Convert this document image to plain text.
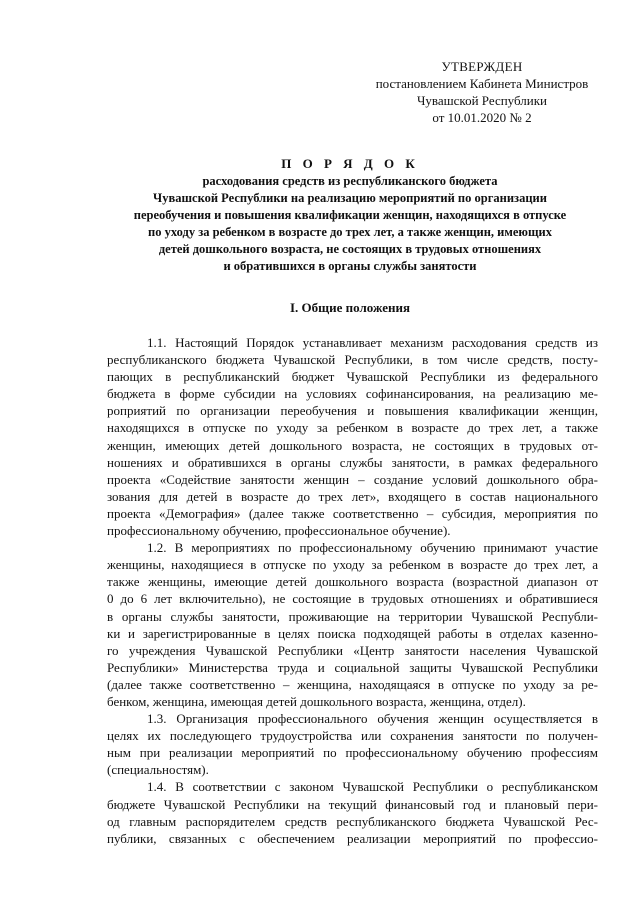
УТВЕРЖДЕН
постановлением Кабинета Министров
Чувашской Республики
от 10.01.2020 № 2
П О Р Я Д О К
расходования средств из республиканского бюджета
Чувашской Республики на реализацию мероприятий по организации
переобучения и повышения квалификации женщин, находящихся в отпуске
по уходу за ребенком в возрасте до трех лет, а также женщин, имеющих
детей дошкольного возраста, не состоящих в трудовых отношениях
и обратившихся в органы службы занятости
I. Общие положения
1.1. Настоящий Порядок устанавливает механизм расходования средств из
республиканского бюджета Чувашской Республики, в том числе средств, посту-
пающих в республиканский бюджет Чувашской Республики из федерального
бюджета в форме субсидии на условиях софинансирования, на реализацию ме-
роприятий по организации переобучения и повышения квалификации женщин,
находящихся в отпуске по уходу за ребенком в возрасте до трех лет, а также
женщин, имеющих детей дошкольного возраста, не состоящих в трудовых от-
ношениях и обратившихся в органы службы занятости, в рамках федерального
проекта «Содействие занятости женщин – создание условий дошкольного обра-
зования для детей в возрасте до трех лет», входящего в состав национального
проекта «Демография» (далее также соответственно – субсидия, мероприятия по
профессиональному обучению, профессиональное обучение).
1.2. В мероприятиях по профессиональному обучению принимают участие
женщины, находящиеся в отпуске по уходу за ребенком в возрасте до трех лет, а
также женщины, имеющие детей дошкольного возраста (возрастной диапазон от
0 до 6 лет включительно), не состоящие в трудовых отношениях и обратившиеся
в органы службы занятости, проживающие на территории Чувашской Республи-
ки и зарегистрированные в целях поиска подходящей работы в отделах казенно-
го учреждения Чувашской Республики «Центр занятости населения Чувашской
Республики» Министерства труда и социальной защиты Чувашской Республики
(далее также соответственно – женщина, находящаяся в отпуске по уходу за ре-
бенком, женщина, имеющая детей дошкольного возраста, женщина, отдел).
1.3. Организация профессионального обучения женщин осуществляется в
целях их последующего трудоустройства или сохранения занятости по получен-
ным при реализации мероприятий по профессиональному обучению профессиям
(специальностям).
1.4. В соответствии с законом Чувашской Республики о республиканском
бюджете Чувашской Республики на текущий финансовый год и плановый пери-
од главным распорядителем средств республиканского бюджета Чувашской Рес-
публики, связанных с обеспечением реализации мероприятий по профессио-
